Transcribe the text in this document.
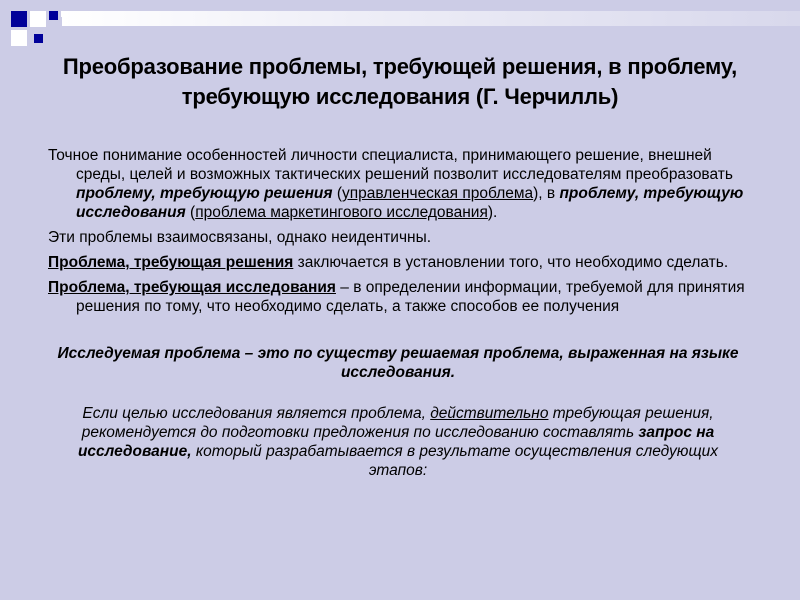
Преобразование проблемы, требующей решения, в проблему, требующую исследования (Г. Черчилль)

Точное понимание особенностей личности специалиста, принимающего решение, внешней среды, целей и возможных тактических решений позволит исследователям преобразовать проблему, требующую решения (управленческая проблема), в проблему, требующую исследования (проблема маркетингового исследования).

Эти проблемы взаимосвязаны, однако неидентичны.

Проблема, требующая решения заключается в установлении того, что необходимо сделать.

Проблема, требующая исследования – в определении информации, требуемой для принятия решения по тому, что необходимо сделать, а также способов ее получения

Исследуемая проблема – это по существу решаемая проблема, выраженная на языке исследования.

Если целью исследования является проблема, действительно требующая решения, рекомендуется до подготовки предложения по исследованию составлять запрос на исследование, который разрабатывается в результате осуществления следующих этапов:
